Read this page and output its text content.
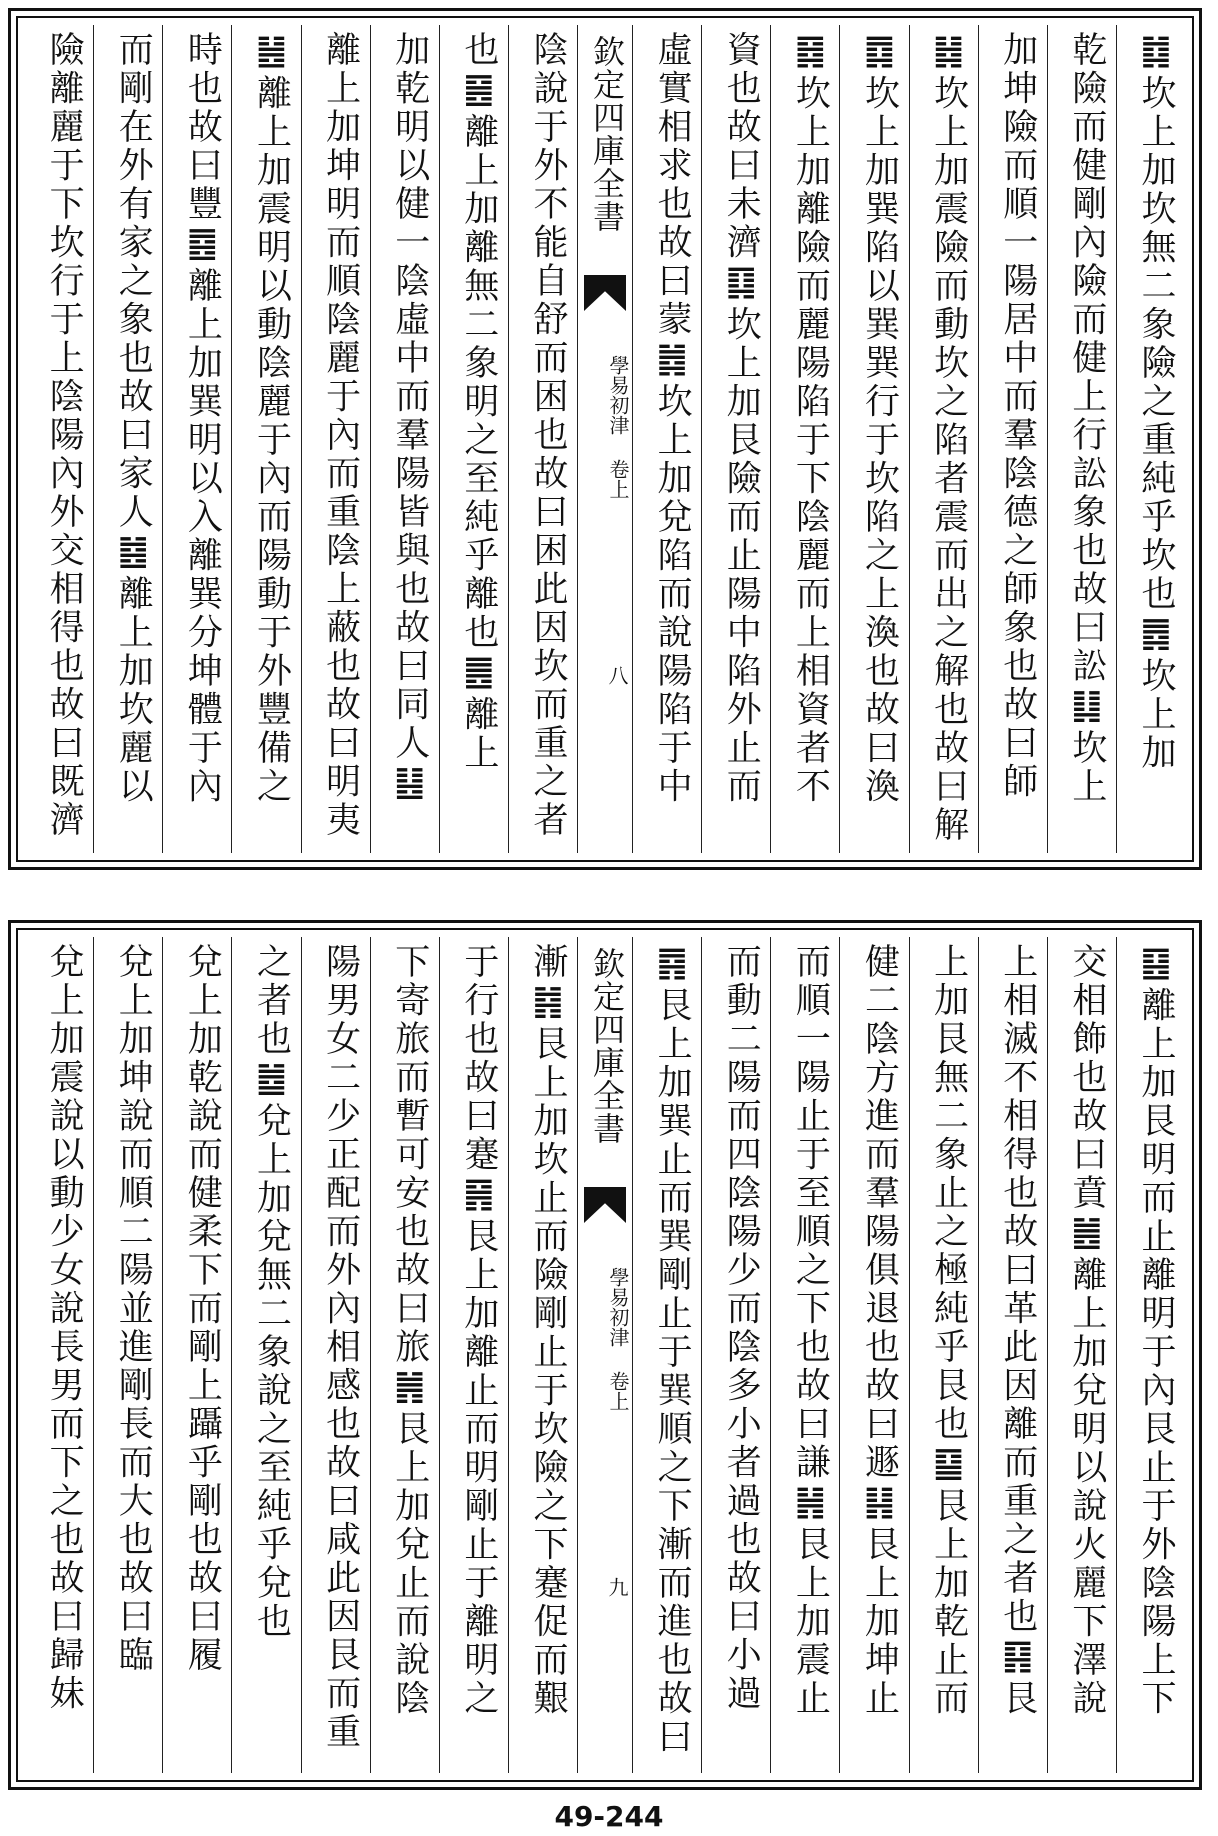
䷜坎上加坎無二象險之重純乎坎也䷅坎上加
乾險而健剛內險而健上行訟象也故曰訟䷆坎上
加坤險而順一陽居中而羣陰德之師象也故曰師
䷧坎上加震險而動坎之陷者震而出之解也故曰解
䷺坎上加巽陷以巽巽行于坎陷之上渙也故曰渙
䷿坎上加離險而麗陽陷于下陰麗而上相資者不
資也故曰未濟䷃坎上加艮險而止陽中陷外止而
虛實相求也故曰蒙䷮坎上加兌陷而說陽陷于中
欽定四庫全書
學易初津 卷上
八
陰說于外不能自舒而困也故曰困此因坎而重之者
也䷝離上加離無二象明之至純乎離也䷌離上
加乾明以健一陰虛中而羣陽皆與也故曰同人䷣
離上加坤明而順陰麗于內而重陰上蔽也故曰明夷
䷶離上加震明以動陰麗于內而陽動于外豐備之
時也故曰豐䷤離上加巽明以入離巽分坤體于內
而剛在外有家之象也故曰家人䷾離上加坎麗以
險離麗于下坎行于上陰陽內外交相得也故曰既濟
䷕離上加艮明而止離明于內艮止于外陰陽上下
交相飾也故曰賁䷰離上加兌明以說火麗下澤說
上相滅不相得也故曰革此因離而重之者也䷳艮
上加艮無二象止之極純乎艮也䷙艮上加乾止而
健二陰方進而羣陽俱退也故曰遯䷎艮上加坤止
而順一陽止于至順之下也故曰謙䷽艮上加震止
而動二陽而四陰陽少而陰多小者過也故曰小過
䷴艮上加巽止而巽剛止于巽順之下漸而進也故曰
欽定四庫全書
學易初津 卷上
九
漸䷦艮上加坎止而險剛止于坎險之下蹇促而艱
于行也故曰蹇䷷艮上加離止而明剛止于離明之
下寄旅而暫可安也故曰旅䷞艮上加兌止而說陰
陽男女二少正配而外內相感也故曰咸此因艮而重
之者也䷹兌上加兌無二象說之至純乎兌也
兌上加乾說而健柔下而剛上躡乎剛也故曰履
兌上加坤說而順二陽並進剛長而大也故曰臨
兌上加震說以動少女說長男而下之也故曰歸妹
49-244
